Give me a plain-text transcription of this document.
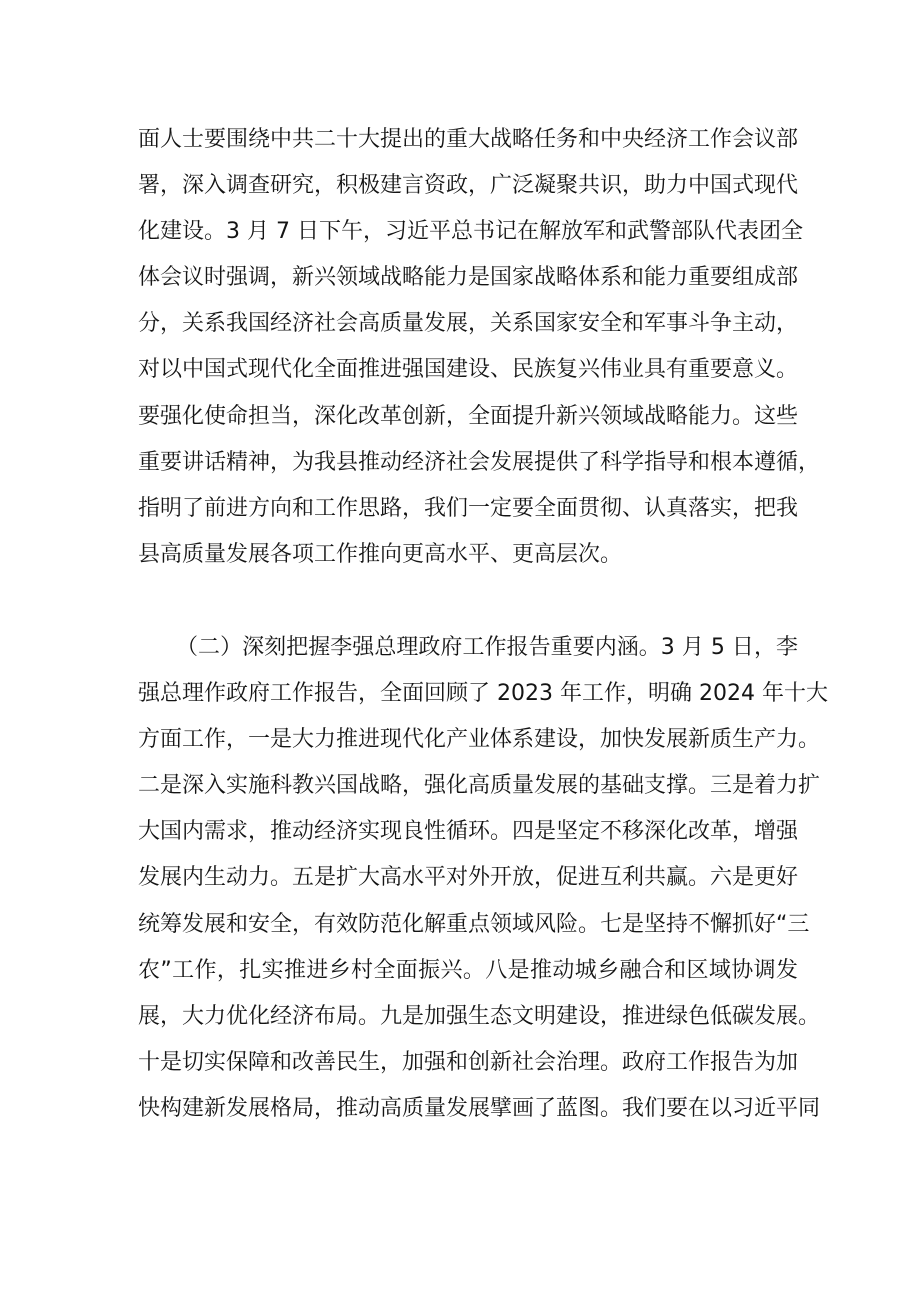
面人士要围绕中共二十大提出的重大战略任务和中央经济工作会议部
署，深入调查研究，积极建言资政，广泛凝聚共识，助力中国式现代
化建设。3 月 7 日下午，习近平总书记在解放军和武警部队代表团全
体会议时强调，新兴领域战略能力是国家战略体系和能力重要组成部
分，关系我国经济社会高质量发展，关系国家安全和军事斗争主动，
对以中国式现代化全面推进强国建设、民族复兴伟业具有重要意义。
要强化使命担当，深化改革创新，全面提升新兴领域战略能力。这些
重要讲话精神，为我县推动经济社会发展提供了科学指导和根本遵循，
指明了前进方向和工作思路，我们一定要全面贯彻、认真落实，把我
县高质量发展各项工作推向更高水平、更高层次。
（二）深刻把握李强总理政府工作报告重要内涵。3 月 5 日，李
强总理作政府工作报告，全面回顾了 2023 年工作，明确 2024 年十大
方面工作，一是大力推进现代化产业体系建设，加快发展新质生产力。
二是深入实施科教兴国战略，强化高质量发展的基础支撑。三是着力扩
大国内需求，推动经济实现良性循环。四是坚定不移深化改革，增强
发展内生动力。五是扩大高水平对外开放，促进互利共赢。六是更好
统筹发展和安全，有效防范化解重点领域风险。七是坚持不懈抓好“三
农”工作，扎实推进乡村全面振兴。八是推动城乡融合和区域协调发
展，大力优化经济布局。九是加强生态文明建设，推进绿色低碳发展。
十是切实保障和改善民生，加强和创新社会治理。政府工作报告为加
快构建新发展格局，推动高质量发展擘画了蓝图。我们要在以习近平同
